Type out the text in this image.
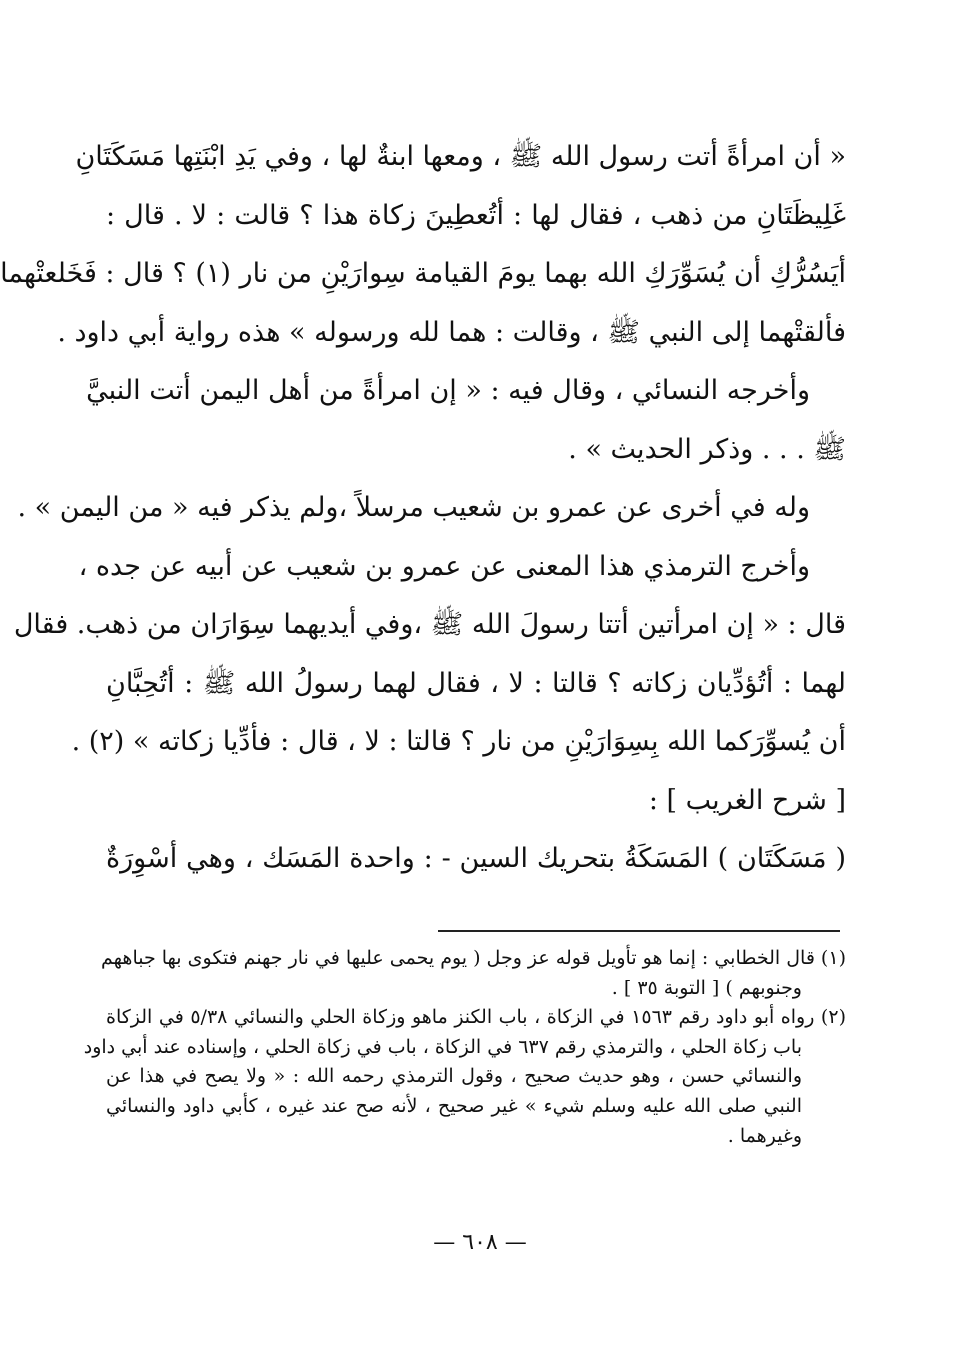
« أن امرأةً أتت رسول الله ﷺ ، ومعها ابنةٌ لها ، وفي يَدِ ابْنَتِها مَسَكَتَانِ
غَلِيظَتَانِ من ذهب ، فقال لها : أتُعطِينَ زكاة هذا ؟ قالت : لا . قال :
أيَسُرُّكِ أن يُسَوِّرَكِ الله بهما يومَ القيامة سِوارَيْنِ من نار (١) ؟ قال : فَخَلعتْهما
فألقتْهما إلى النبي ﷺ ، وقالت : هما لله ورسوله » هذه رواية أبي داود .
وأخرجه النسائي ، وقال فيه : « إن امرأةً من أهل اليمن أتت النبيَّ
ﷺ . . . وذكر الحديث » .
وله في أخرى عن عمرو بن شعيب مرسلاً ،ولم يذكر فيه « من اليمن » .
وأخرج الترمذي هذا المعنى عن عمرو بن شعيب عن أبيه عن جده ،
قال : « إن امرأتين أتتا رسولَ الله ﷺ ،وفي أيديهما سِوَارَان من ذهب. فقال
لهما : أتُؤدِّيان زكاته ؟ قالتا : لا ، فقال لهما رسولُ الله ﷺ : أتُحِبَّانِ
أن يُسوِّرَكما الله بِسِوَارَيْنِ من نار ؟ قالتا : لا ، قال : فأدِّيا زكاته » (٢) .
[ شرح الغريب ] :
( مَسَكَتَان ) المَسَكَةُ بتحريك السين - : واحدة المَسَك ، وهي أسْوِرَةٌ
(١) قال الخطابي : إنما هو تأويل قوله عز وجل ( يوم يحمى عليها في نار جهنم فتكوى بها جباههم
وجنوبهم ) [ التوبة ٣٥ ] .
(٢) رواه أبو داود رقم ١٥٦٣ في الزكاة ، باب الكنز ماهو وزكاة الحلي والنسائي ٥/٣٨ في الزكاة
باب زكاة الحلي ، والترمذي رقم ٦٣٧ في الزكاة ، باب في زكاة الحلي ، وإسناده عند أبي داود
والنسائي حسن ، وهو حديث صحيح ، وقول الترمذي رحمه الله : « ولا يصح في هذا عن
النبي صلى الله عليه وسلم شيء » غير صحيح ، لأنه صح عند غيره ، كأبي داود والنسائي
وغيرهما .
— ٦٠٨ —
